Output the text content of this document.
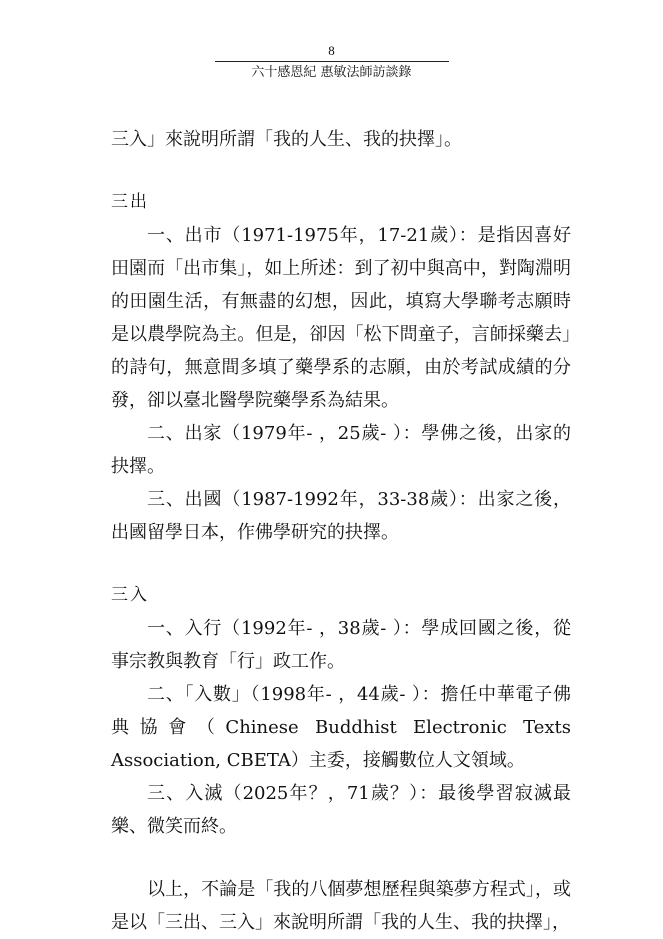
8
六十感恩紀 惠敏法師訪談錄

三入」來說明所謂「我的人生、我的抉擇」。

三出

一、出市（1971-1975年，17-21歲）：是指因喜好田園而「出市集」，如上所述：到了初中與高中，對陶淵明的田園生活，有無盡的幻想，因此，填寫大學聯考志願時是以農學院為主。但是，卻因「松下問童子，言師採藥去」的詩句，無意間多填了藥學系的志願，由於考試成績的分發，卻以臺北醫學院藥學系為結果。

二、出家（1979年- ，25歲- ）：學佛之後，出家的抉擇。

三、出國（1987-1992年，33-38歲）：出家之後，出國留學日本，作佛學研究的抉擇。

三入

一、入行（1992年- ，38歲- ）：學成回國之後，從事宗教與教育「行」政工作。

二、「入數」（1998年- ，44歲- ）：擔任中華電子佛典協會（Chinese Buddhist Electronic Texts Association, CBETA）主委，接觸數位人文領域。

三、入滅（2025年？，71歲？）：最後學習寂滅最樂、微笑而終。

以上，不論是「我的八個夢想歷程與築夢方程式」，或是以「三出、三入」來說明所謂「我的人生、我的抉擇」，
